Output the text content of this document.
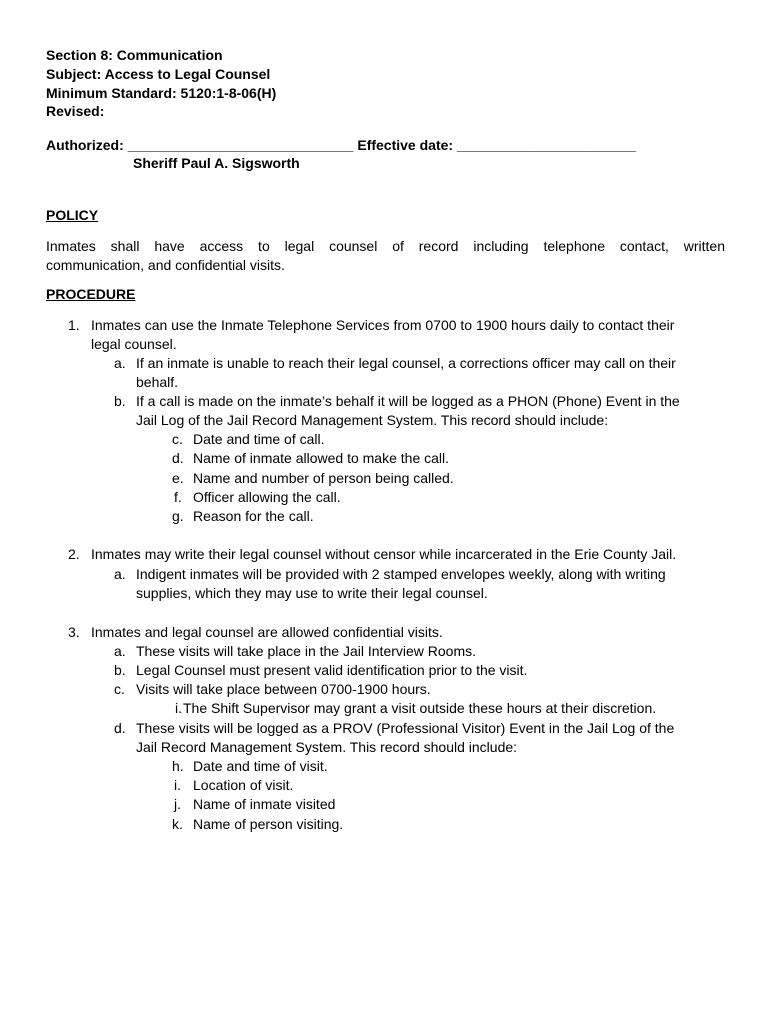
Section 8: Communication
Subject: Access to Legal Counsel
Minimum Standard: 5120:1-8-06(H)
Revised:
Authorized: _____________________________ Effective date: _______________________
Sheriff Paul A. Sigsworth
POLICY
Inmates shall have access to legal counsel of record including telephone contact, written
communication, and confidential visits.
PROCEDURE
1. Inmates can use the Inmate Telephone Services from 0700 to 1900 hours daily to contact their
legal counsel.
a. If an inmate is unable to reach their legal counsel, a corrections officer may call on their
behalf.
b. If a call is made on the inmate’s behalf it will be logged as a PHON (Phone) Event in the
Jail Log of the Jail Record Management System. This record should include:
c. Date and time of call.
d. Name of inmate allowed to make the call.
e. Name and number of person being called.
f. Officer allowing the call.
g. Reason for the call.
2. Inmates may write their legal counsel without censor while incarcerated in the Erie County Jail.
a. Indigent inmates will be provided with 2 stamped envelopes weekly, along with writing
supplies, which they may use to write their legal counsel.
3. Inmates and legal counsel are allowed confidential visits.
a. These visits will take place in the Jail Interview Rooms.
b. Legal Counsel must present valid identification prior to the visit.
c. Visits will take place between 0700-1900 hours.
i. The Shift Supervisor may grant a visit outside these hours at their discretion.
d. These visits will be logged as a PROV (Professional Visitor) Event in the Jail Log of the
Jail Record Management System. This record should include:
h. Date and time of visit.
i. Location of visit.
j. Name of inmate visited
k. Name of person visiting.
